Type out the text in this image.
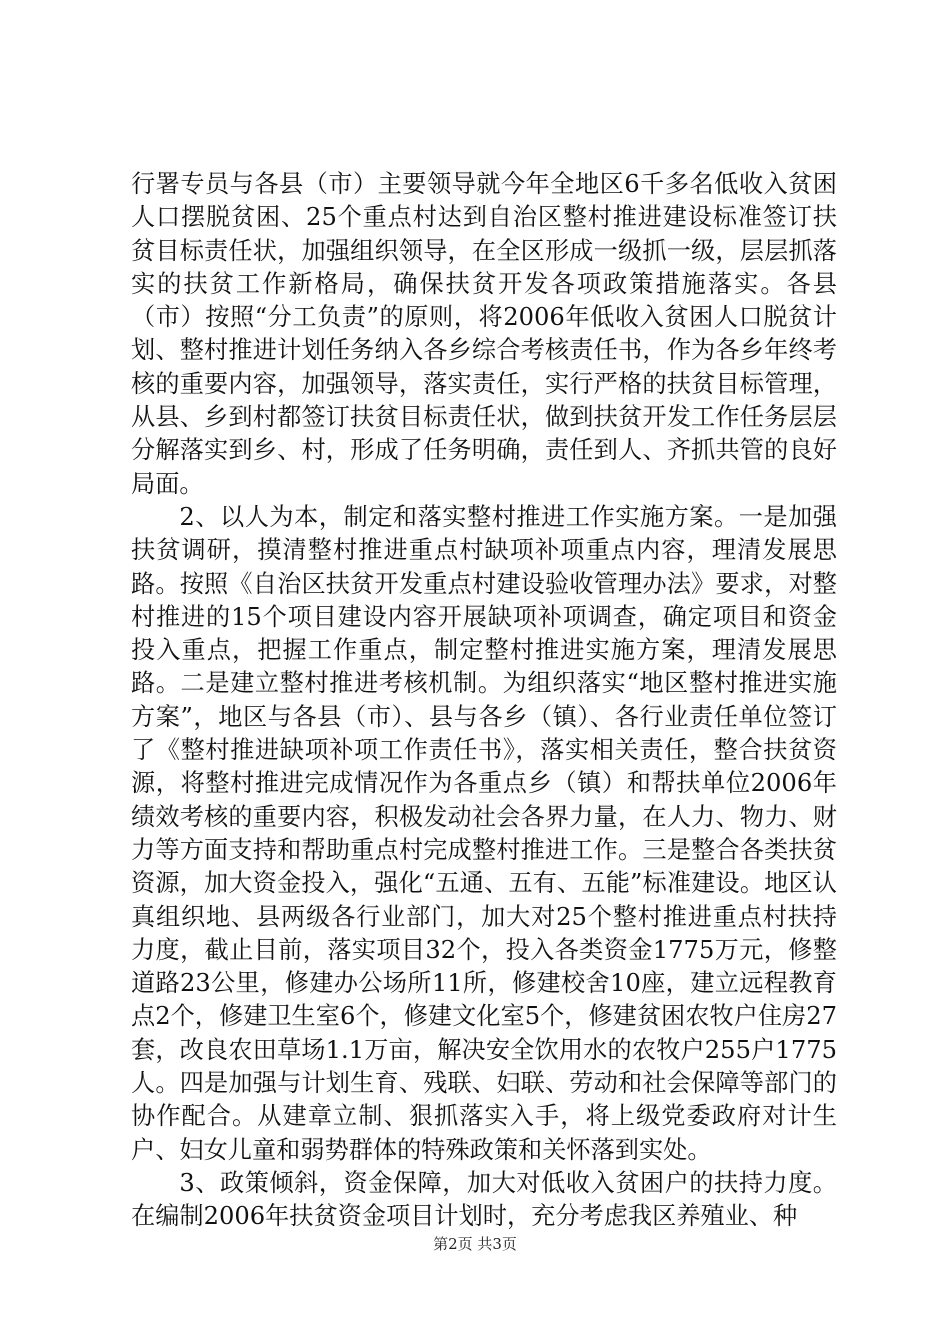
行署专员与各县（市）主要领导就今年全地区6千多名低收入贫困人口摆脱贫困、25个重点村达到自治区整村推进建设标准签订扶贫目标责任状，加强组织领导，在全区形成一级抓一级，层层抓落实的扶贫工作新格局，确保扶贫开发各项政策措施落实。各县（市）按照“分工负责”的原则，将2006年低收入贫困人口脱贫计划、整村推进计划任务纳入各乡综合考核责任书，作为各乡年终考核的重要内容，加强领导，落实责任，实行严格的扶贫目标管理，从县、乡到村都签订扶贫目标责任状，做到扶贫开发工作任务层层分解落实到乡、村，形成了任务明确，责任到人、齐抓共管的良好局面。

2、以人为本，制定和落实整村推进工作实施方案。一是加强扶贫调研，摸清整村推进重点村缺项补项重点内容，理清发展思路。按照《自治区扶贫开发重点村建设验收管理办法》要求，对整村推进的15个项目建设内容开展缺项补项调查，确定项目和资金投入重点，把握工作重点，制定整村推进实施方案，理清发展思路。二是建立整村推进考核机制。为组织落实“地区整村推进实施方案”，地区与各县（市）、县与各乡（镇）、各行业责任单位签订了《整村推进缺项补项工作责任书》，落实相关责任，整合扶贫资源，将整村推进完成情况作为各重点乡（镇）和帮扶单位2006年绩效考核的重要内容，积极发动社会各界力量，在人力、物力、财力等方面支持和帮助重点村完成整村推进工作。三是整合各类扶贫资源，加大资金投入，强化“五通、五有、五能”标准建设。地区认真组织地、县两级各行业部门，加大对25个整村推进重点村扶持力度，截止目前，落实项目32个，投入各类资金1775万元，修整道路23公里，修建办公场所11所，修建校舍10座，建立远程教育点2个，修建卫生室6个，修建文化室5个，修建贫困农牧户住房27套，改良农田草场1.1万亩，解决安全饮用水的农牧户255户1775人。四是加强与计划生育、残联、妇联、劳动和社会保障等部门的协作配合。从建章立制、狠抓落实入手，将上级党委政府对计生户、妇女儿童和弱势群体的特殊政策和关怀落到实处。

3、政策倾斜，资金保障，加大对低收入贫困户的扶持力度。在编制2006年扶贫资金项目计划时，充分考虑我区养殖业、种

第2页 共3页
